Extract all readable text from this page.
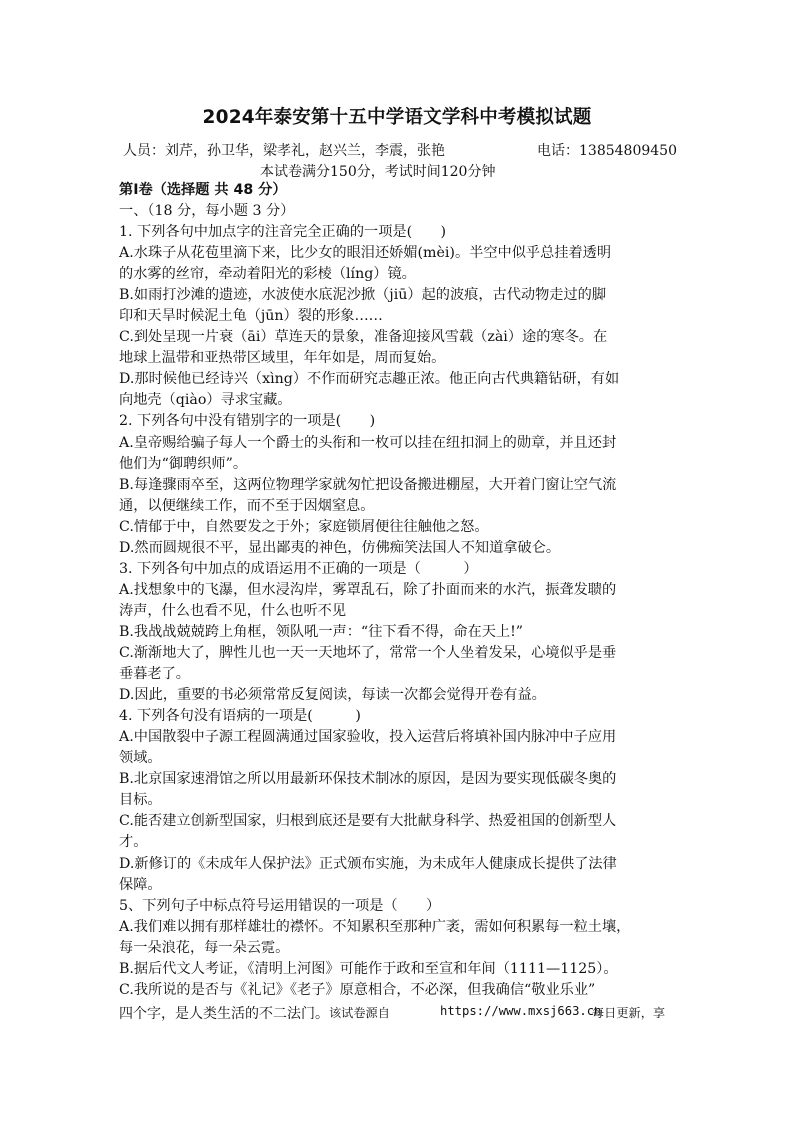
2024年泰安第十五中学语文学科中考模拟试题
人员：刘芹，孙卫华，梁孝礼，赵兴兰，李震，张艳	电话：13854809450
本试卷满分150分，考试时间120分钟
第Ⅰ卷（选择题 共 48 分）
一、（18 分，每小题 3 分）
1. 下列各句中加点字的注音完全正确的一项是(　　)
A.水珠子从花苞里滴下来，比少女的眼泪还娇媚(mèi)。半空中似乎总挂着透明
的水雾的丝帘，牵动着阳光的彩棱（líng）镜。
B.如雨打沙滩的遗迹，水波使水底泥沙掀（jiū）起的波痕，古代动物走过的脚
印和天旱时候泥土龟（jūn）裂的形象……
C.到处呈现一片衰（āi）草连天的景象，准备迎接风雪载（zài）途的寒冬。在
地球上温带和亚热带区域里，年年如是，周而复始。
D.那时候他已经诗兴（xìng）不作而研究志趣正浓。他正向古代典籍钻研，有如
向地壳（qiào）寻求宝藏。
2. 下列各句中没有错别字的一项是(　　)
A.皇帝赐给骗子每人一个爵士的头衔和一枚可以挂在纽扣洞上的勋章，并且还封
他们为“御聘织师”。
B.每逢骤雨卒至，这两位物理学家就匆忙把设备搬进棚屋，大开着门窗让空气流
通，以便继续工作，而不至于因烟窒息。
C.情郁于中，自然要发之于外；家庭锁屑便往往触他之怒。
D.然而圆规很不平，显出鄙夷的神色，仿佛痴笑法国人不知道拿破仑。
3. 下列各句中加点的成语运用不正确的一项是（　　　）
A.找想象中的飞瀑，但水浸沟岸，雾罩乱石，除了扑面而来的水汽，振聋发聩的
涛声，什么也看不见，什么也听不见
B.我战战兢兢跨上角框，领队吼一声：“往下看不得，命在天上!”
C.渐渐地大了，脾性儿也一天一天地坏了，常常一个人坐着发呆，心境似乎是垂
垂暮老了。
D.因此，重要的书必须常常反复阅读，每读一次都会觉得开卷有益。
4. 下列各句没有语病的一项是(　　　)
A.中国散裂中子源工程圆满通过国家验收，投入运营后将填补国内脉冲中子应用
领域。
B.北京国家速滑馆之所以用最新环保技术制冰的原因，是因为要实现低碳冬奥的
目标。
C.能否建立创新型国家，归根到底还是要有大批献身科学、热爱祖国的创新型人
才。
D.新修订的《未成年人保护法》正式颁布实施，为未成年人健康成长提供了法律
保障。
5、下列句子中标点符号运用错误的一项是（　　）
A.我们难以拥有那样雄壮的襟怀。不知累积至那种广袤，需如何积累每一粒土壤，
每一朵浪花，每一朵云霓。
B.据后代文人考证，《清明上河图》可能作于政和至宣和年间（1111—1125）。
C.我所说的是否与《礼记》《老子》原意相合，不必深，但我确信“敬业乐业”
四个字，是人类生活的不二法门。 该试卷源自	https://www.mxsj663.cn
每日更新，享
